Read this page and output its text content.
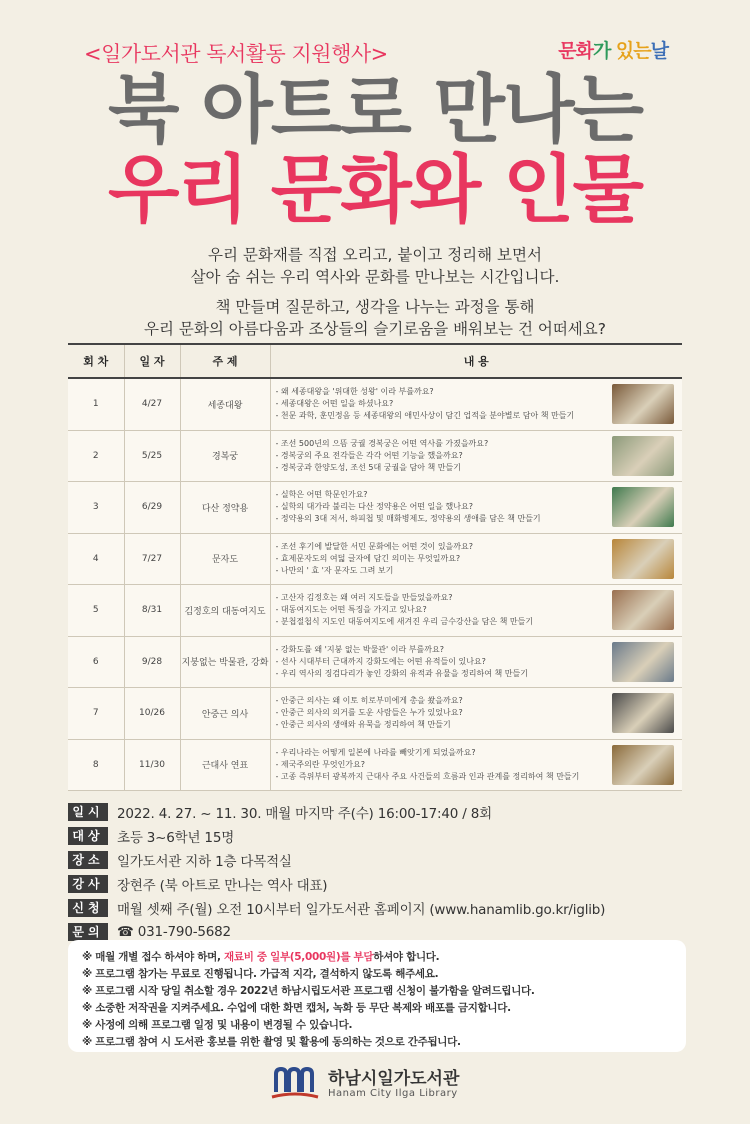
<일가도서관 독서활동 지원행사>	문화가 있는날
북 아트로 만나는
우리 문화와 인물

우리 문화재를 직접 오리고, 붙이고 정리해 보면서

살아 숨 쉬는 우리 역사와 문화를 만나보는 시간입니다.

책 만들며 질문하고, 생각을 나누는 과정을 통해

우리 문화의 아름다움과 조상들의 슬기로움을 배워보는 건 어떠세요?

회 차	일 자	주 제	내 용
1	4/27	세종대왕	- 왜 세종대왕을 '위대한 성왕' 이라 부를까요?
- 세종대왕은 어떤 일을 하셨나요?
- 천문 과학, 훈민정음 등 세종대왕의 애민사상이 담긴 업적을 분야별로 담아 책 만들기

2	5/25	경복궁	- 조선 500년의 으뜸 궁궐 경복궁은 어떤 역사를 가졌을까요?
- 경복궁의 주요 전각들은 각각 어떤 기능을 했을까요?
- 경복궁과 한양도성, 조선 5대 궁궐을 담아 책 만들기

3	6/29	다산 정약용	- 실학은 어떤 학문인가요?
- 실학의 대가라 불리는 다산 정약용은 어떤 일을 했나요?
- 정약용의 3대 저서, 하피첩 및 매화병제도, 정약용의 생애를 담은 책 만들기

4	7/27	문자도	- 조선 후기에 발달한 서민 문화에는 어떤 것이 있을까요?
- 효제문자도의 여덟 글자에 담긴 의미는 무엇일까요?
- 나만의 ' 효 '자 문자도 그려 보기

5	8/31	김정호의 대동여지도	- 고산자 김정호는 왜 여러 지도들을 만들었을까요?
- 대동여지도는 어떤 특징을 가지고 있나요?
- 분첩절첩식 지도인 대동여지도에 새겨진 우리 금수강산을 담은 책 만들기

6	9/28	지붕없는 박물관, 강화	- 강화도를 왜 '지붕 없는 박물관' 이라 부를까요?
- 선사 시대부터 근대까지 강화도에는 어떤 유적들이 있나요?
- 우리 역사의 징검다리가 놓인 강화의 유적과 유물을 정리하여 책 만들기

7	10/26	안중근 의사	- 안중근 의사는 왜 이토 히로부미에게 총을 쐈을까요?
- 안중근 의사의 의거를 도운 사람들은 누가 있었나요?
- 안중근 의사의 생애와 유묵을 정리하여 책 만들기

8	11/30	근대사 연표	- 우리나라는 어떻게 일본에 나라를 빼앗기게 되었을까요?
- 제국주의란 무엇인가요?
- 고종 즉위부터 광복까지 근대사 주요 사건들의 흐름과 인과 관계를 정리하여 책 만들기
일시 2022. 4. 27. ~ 11. 30. 매월 마지막 주(수) 16:00-17:40 / 8회
대상 초등 3~6학년 15명
장소 일가도서관 지하 1층 다목적실
강사 장현주 (북 아트로 만나는 역사 대표)
신청 매월 셋째 주(월) 오전 10시부터 일가도서관 홈페이지 (www.hanamlib.go.kr/iglib)
문의 ☎ 031-790-5682
※ 매월 개별 접수 하셔야 하며, 재료비 중 일부(5,000원)를 부담하셔야 합니다.
※ 프로그램 참가는 무료로 진행됩니다. 가급적 지각, 결석하지 않도록 해주세요.
※ 프로그램 시작 당일 취소할 경우 2022년 하남시립도서관 프로그램 신청이 불가함을 알려드립니다.
※ 소중한 저작권을 지켜주세요. 수업에 대한 화면 캡처, 녹화 등 무단 복제와 배포를 금지합니다.
※ 사정에 의해 프로그램 일정 및 내용이 변경될 수 있습니다.
※ 프로그램 참여 시 도서관 홍보를 위한 촬영 및 활용에 동의하는 것으로 간주됩니다.
하남시일가도서관
Hanam City Ilga Library
